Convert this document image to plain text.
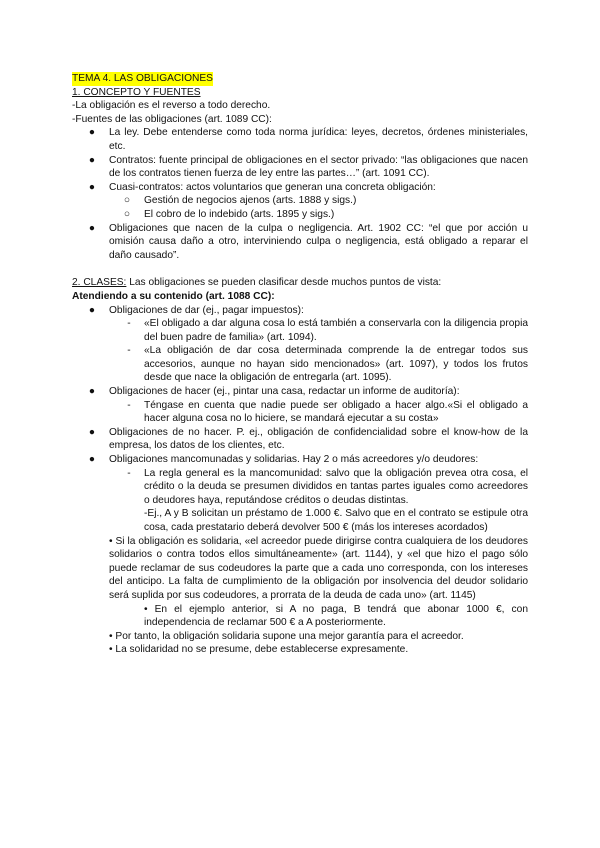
TEMA 4. LAS OBLIGACIONES

1. CONCEPTO Y FUENTES

-La obligación es el reverso a todo derecho.

-Fuentes de las obligaciones (art. 1089 CC):

● La ley. Debe entenderse como toda norma jurídica: leyes, decretos, órdenes ministeriales, etc.

● Contratos: fuente principal de obligaciones en el sector privado: “las obligaciones que nacen de los contratos tienen fuerza de ley entre las partes…” (art. 1091 CC).

● Cuasi-contratos: actos voluntarios que generan una concreta obligación:

○ Gestión de negocios ajenos (arts. 1888 y sigs.)

○ El cobro de lo indebido (arts. 1895 y sigs.)

● Obligaciones que nacen de la culpa o negligencia. Art. 1902 CC: “el que por acción u omisión causa daño a otro, interviniendo culpa o negligencia, está obligado a reparar el daño causado”.

2. CLASES: Las obligaciones se pueden clasificar desde muchos puntos de vista:

Atendiendo a su contenido (art. 1088 CC):

● Obligaciones de dar (ej., pagar impuestos):

-	«El obligado a dar alguna cosa lo está también a conservarla con la diligencia propia del buen padre de familia» (art. 1094).

-	«La obligación de dar cosa determinada comprende la de entregar todos sus accesorios, aunque no hayan sido mencionados» (art. 1097), y todos los frutos desde que nace la obligación de entregarla (art. 1095).

● Obligaciones de hacer (ej., pintar una casa, redactar un informe de auditoría):

-	Téngase en cuenta que nadie puede ser obligado a hacer algo.«Si el obligado a hacer alguna cosa no lo hiciere, se mandará ejecutar a su costa»

● Obligaciones de no hacer. P. ej., obligación de confidencialidad sobre el know-how de la empresa, los datos de los clientes, etc.

● Obligaciones mancomunadas y solidarias. Hay 2 o más acreedores y/o deudores:

-	La regla general es la mancomunidad: salvo que la obligación prevea otra cosa, el crédito o la deuda se presumen divididos en tantas partes iguales como acreedores o deudores haya, reputándose créditos o deudas distintas.

-Ej., A y B solicitan un préstamo de 1.000 €. Salvo que en el contrato se estipule otra cosa, cada prestatario deberá devolver 500 € (más los intereses acordados)

• Si la obligación es solidaria, «el acreedor puede dirigirse contra cualquiera de los deudores solidarios o contra todos ellos simultáneamente» (art. 1144), y «el que hizo el pago sólo puede reclamar de sus codeudores la parte que a cada uno corresponda, con los intereses del anticipo. La falta de cumplimiento de la obligación por insolvencia del deudor solidario será suplida por sus codeudores, a prorrata de la deuda de cada uno» (art. 1145)

• En el ejemplo anterior, si A no paga, B tendrá que abonar 1000 €, con independencia de reclamar 500 € a A posteriormente.

• Por tanto, la obligación solidaria supone una mejor garantía para el acreedor.

• La solidaridad no se presume, debe establecerse expresamente.
